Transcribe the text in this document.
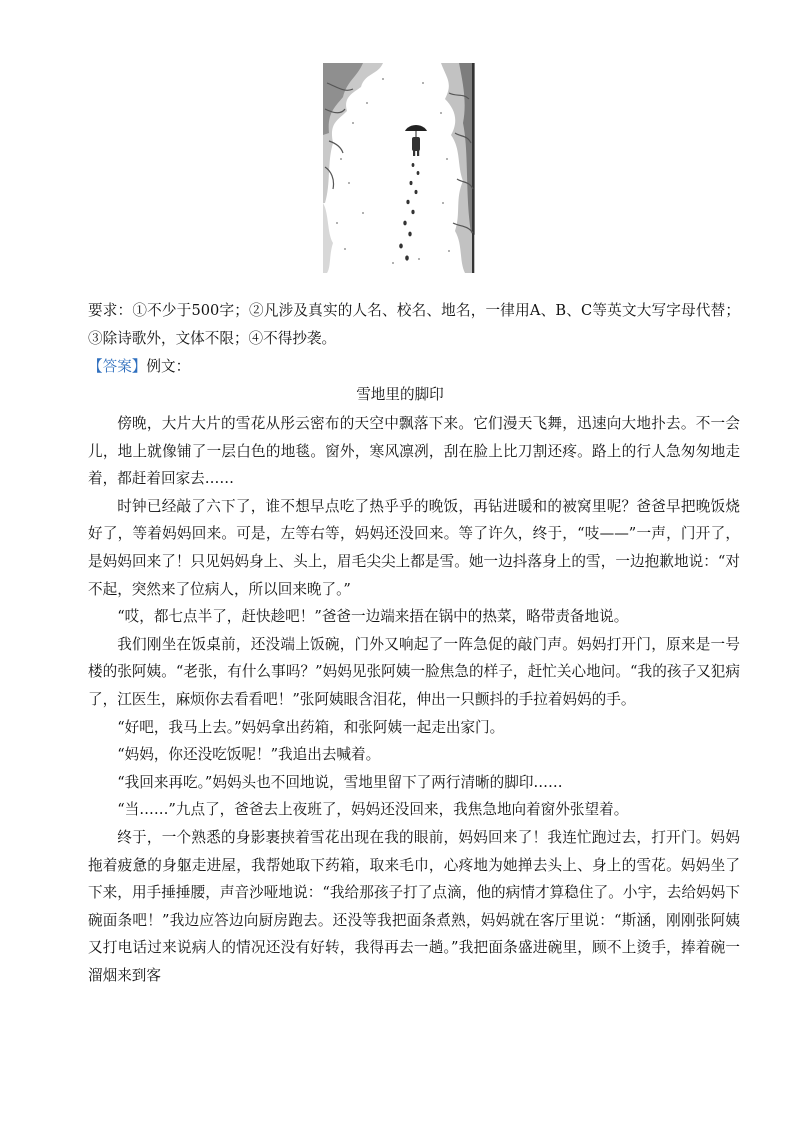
要求：①不少于500字；②凡涉及真实的人名、校名、地名，一律用A、B、C等英文大写字母代替；③除诗歌外，文体不限；④不得抄袭。
【答案】例文：
雪地里的脚印

傍晚，大片大片的雪花从彤云密布的天空中飘落下来。它们漫天飞舞，迅速向大地扑去。不一会儿，地上就像铺了一层白色的地毯。窗外，寒风凛冽，刮在脸上比刀割还疼。路上的行人急匆匆地走着，都赶着回家去……

时钟已经敲了六下了，谁不想早点吃了热乎乎的晚饭，再钻进暖和的被窝里呢？爸爸早把晚饭烧好了，等着妈妈回来。可是，左等右等，妈妈还没回来。等了许久，终于，“吱——”一声，门开了，是妈妈回来了！只见妈妈身上、头上，眉毛尖尖上都是雪。她一边抖落身上的雪，一边抱歉地说：“对不起，突然来了位病人，所以回来晚了。”

“哎，都七点半了，赶快趁吧！”爸爸一边端来捂在锅中的热菜，略带责备地说。

我们刚坐在饭桌前，还没端上饭碗，门外又响起了一阵急促的敲门声。妈妈打开门，原来是一号楼的张阿姨。“老张，有什么事吗？”妈妈见张阿姨一脸焦急的样子，赶忙关心地问。“我的孩子又犯病了，江医生，麻烦你去看看吧！”张阿姨眼含泪花，伸出一只颤抖的手拉着妈妈的手。

“好吧，我马上去。”妈妈拿出药箱，和张阿姨一起走出家门。

“妈妈，你还没吃饭呢！”我追出去喊着。

“我回来再吃。”妈妈头也不回地说，雪地里留下了两行清晰的脚印……

“当……”九点了，爸爸去上夜班了，妈妈还没回来，我焦急地向着窗外张望着。

终于，一个熟悉的身影裹挟着雪花出现在我的眼前，妈妈回来了！我连忙跑过去，打开门。妈妈拖着疲惫的身躯走进屋，我帮她取下药箱，取来毛巾，心疼地为她掸去头上、身上的雪花。妈妈坐了下来，用手捶捶腰，声音沙哑地说：“我给那孩子打了点滴，他的病情才算稳住了。小宇，去给妈妈下碗面条吧！”我边应答边向厨房跑去。还没等我把面条煮熟，妈妈就在客厅里说：“斯涵，刚刚张阿姨又打电话过来说病人的情况还没有好转，我得再去一趟。”我把面条盛进碗里，顾不上烫手，捧着碗一溜烟来到客
